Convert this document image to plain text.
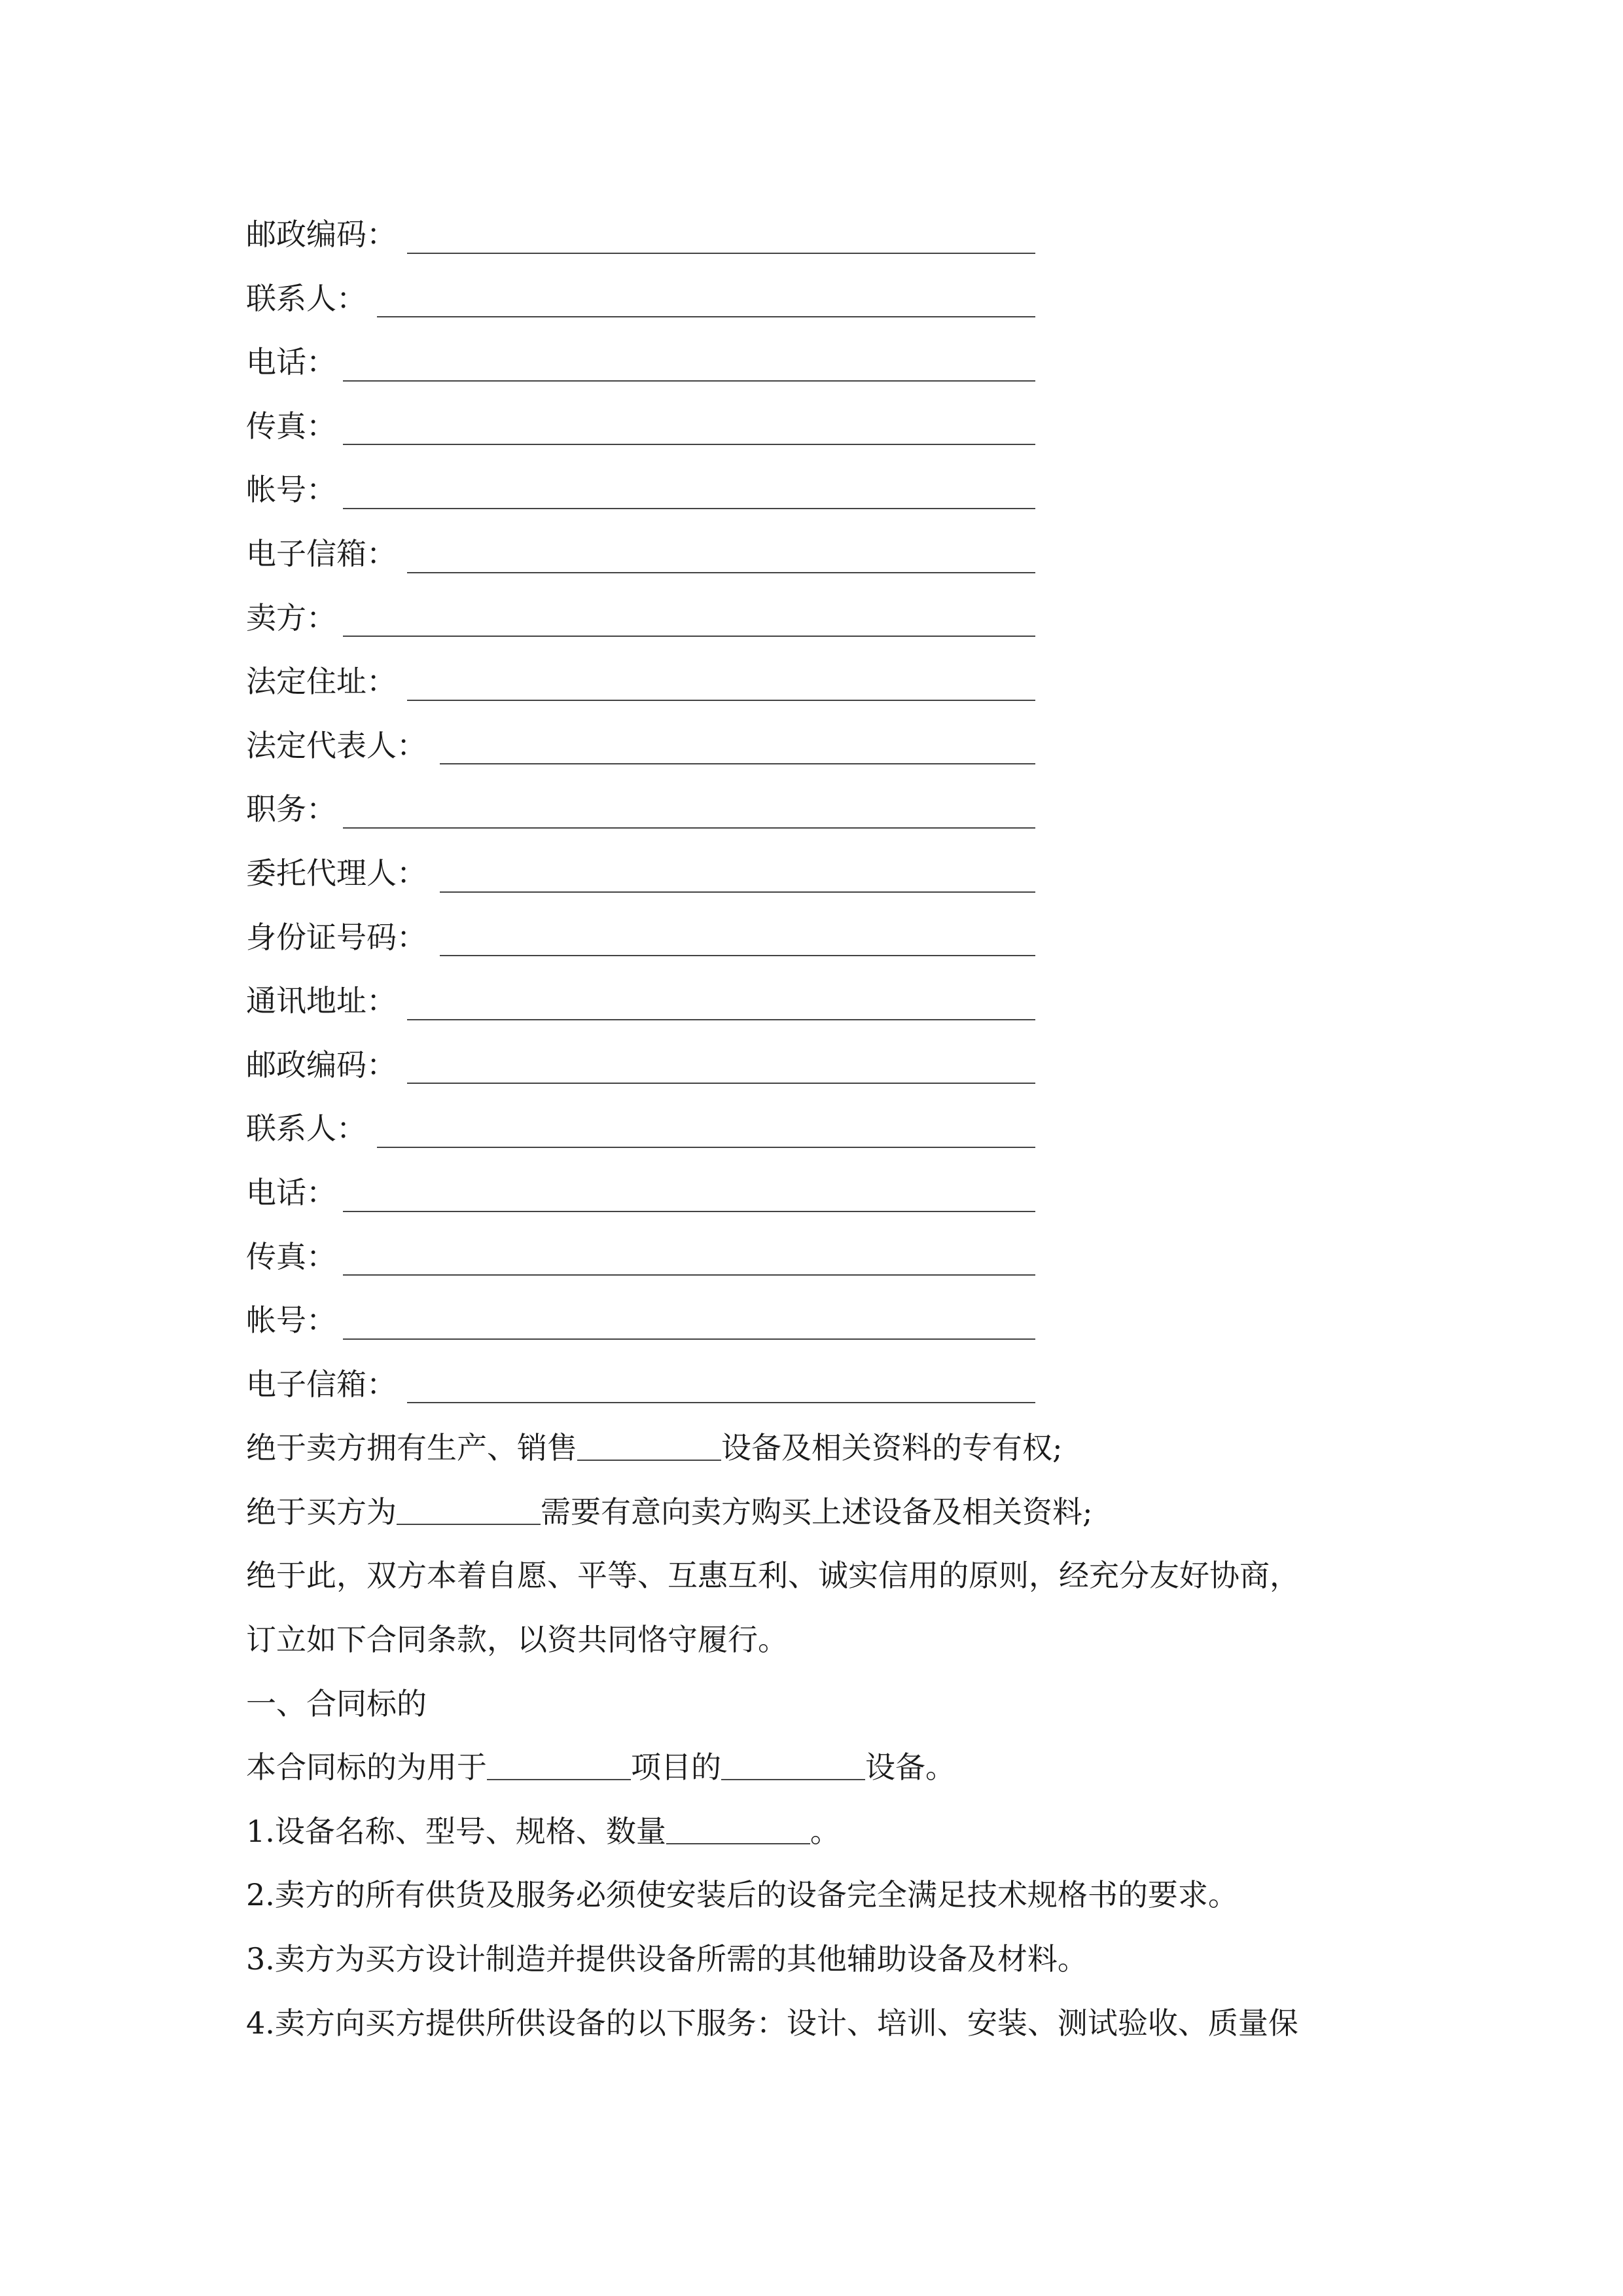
邮政编码：
联系人：
电话：
传真：
帐号：
电子信箱：
卖方：
法定住址：
法定代表人：
职务：
委托代理人：
身份证号码：
通讯地址：
邮政编码：
联系人：
电话：
传真：
帐号：
电子信箱：
绝于卖方拥有生产、销售	设备及相关资料的专有权;
绝于买方为	需要有意向卖方购买上述设备及相关资料;
绝于此，双方本着自愿、平等、互惠互利、诚实信用的原则，经充分友好协商，
订立如下合同条款，以资共同恪守履行。
一、合同标的
本合同标的为用于	项目的	设备。
1.设备名称、型号、规格、数量	。
2.卖方的所有供货及服务必须使安装后的设备完全满足技术规格书的要求。
3.卖方为买方设计制造并提供设备所需的其他辅助设备及材料。
4.卖方向买方提供所供设备的以下服务：设计、培训、安装、测试验收、质量保
